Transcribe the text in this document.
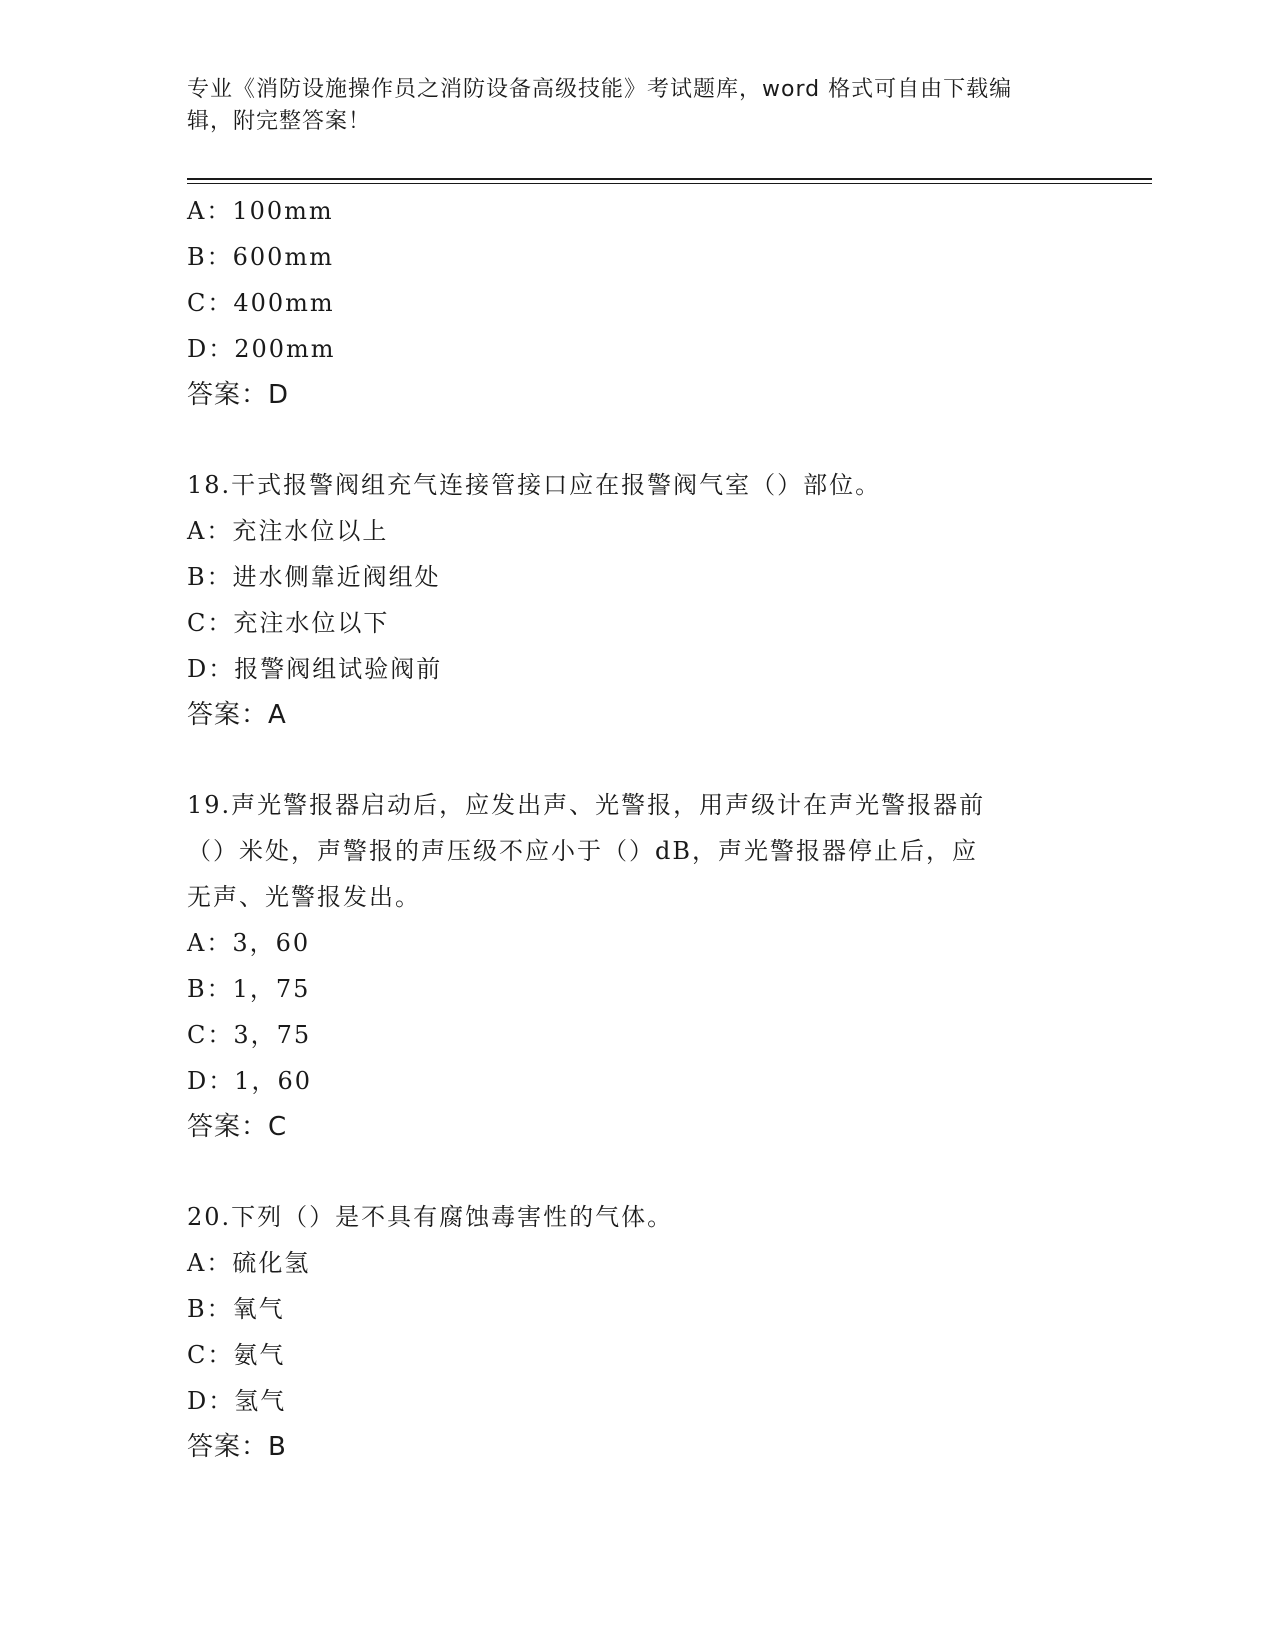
专业《消防设施操作员之消防设备高级技能》考试题库，word 格式可自由下载编
辑，附完整答案！
A：100mm
B：600mm
C：400mm
D：200mm
答案：D
18.干式报警阀组充气连接管接口应在报警阀气室（）部位。
A：充注水位以上
B：进水侧靠近阀组处
C：充注水位以下
D：报警阀组试验阀前
答案：A
19.声光警报器启动后，应发出声、光警报，用声级计在声光警报器前
（）米处，声警报的声压级不应小于（）dB，声光警报器停止后，应
无声、光警报发出。
A：3，60
B：1，75
C：3，75
D：1，60
答案：C
20.下列（）是不具有腐蚀毒害性的气体。
A：硫化氢
B：氧气
C：氨气
D：氢气
答案：B
